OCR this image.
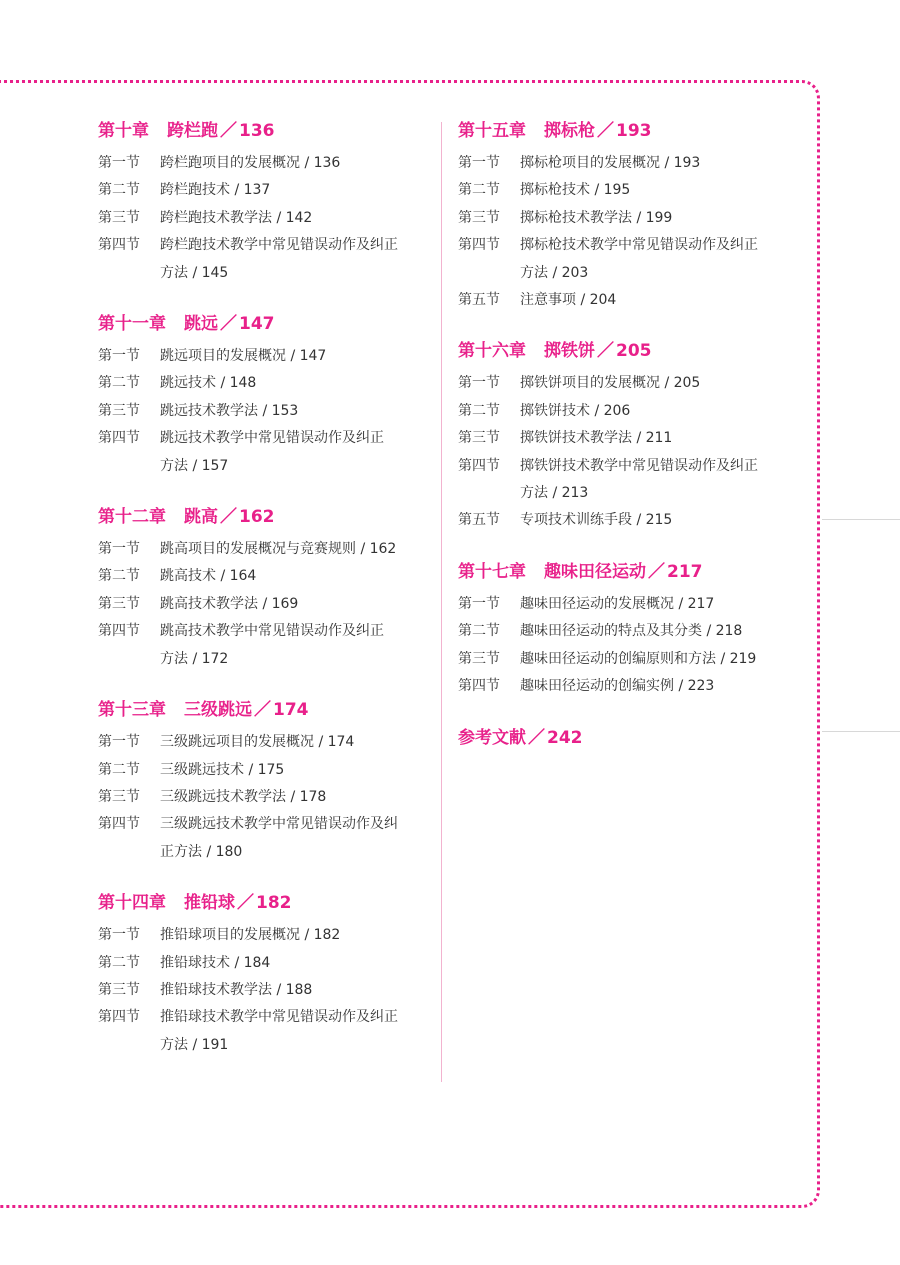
第十章 跨栏跑 ／ 136
第一节	跨栏跑项目的发展概况 / 136
第二节	跨栏跑技术 / 137
第三节	跨栏跑技术教学法 / 142
第四节	跨栏跑技术教学中常见错误动作及纠正
方法 / 145
第十一章 跳远 ／ 147
第一节	跳远项目的发展概况 / 147
第二节	跳远技术 / 148
第三节	跳远技术教学法 / 153
第四节	跳远技术教学中常见错误动作及纠正
方法 / 157
第十二章 跳高 ／ 162
第一节	跳高项目的发展概况与竞赛规则 / 162
第二节	跳高技术 / 164
第三节	跳高技术教学法 / 169
第四节	跳高技术教学中常见错误动作及纠正
方法 / 172
第十三章 三级跳远 ／ 174
第一节	三级跳远项目的发展概况 / 174
第二节	三级跳远技术 / 175
第三节	三级跳远技术教学法 / 178
第四节	三级跳远技术教学中常见错误动作及纠
正方法 / 180
第十四章 推铅球 ／ 182
第一节	推铅球项目的发展概况 / 182
第二节	推铅球技术 / 184
第三节	推铅球技术教学法 / 188
第四节	推铅球技术教学中常见错误动作及纠正
方法 / 191
第十五章 掷标枪 ／ 193
第一节	掷标枪项目的发展概况 / 193
第二节	掷标枪技术 / 195
第三节	掷标枪技术教学法 / 199
第四节	掷标枪技术教学中常见错误动作及纠正
方法 / 203
第五节	注意事项 / 204
第十六章 掷铁饼 ／ 205
第一节	掷铁饼项目的发展概况 / 205
第二节	掷铁饼技术 / 206
第三节	掷铁饼技术教学法 / 211
第四节	掷铁饼技术教学中常见错误动作及纠正
方法 / 213
第五节	专项技术训练手段 / 215
第十七章 趣味田径运动 ／ 217
第一节	趣味田径运动的发展概况 / 217
第二节	趣味田径运动的特点及其分类 / 218
第三节	趣味田径运动的创编原则和方法 / 219
第四节	趣味田径运动的创编实例 / 223
参考文献 ／ 242
